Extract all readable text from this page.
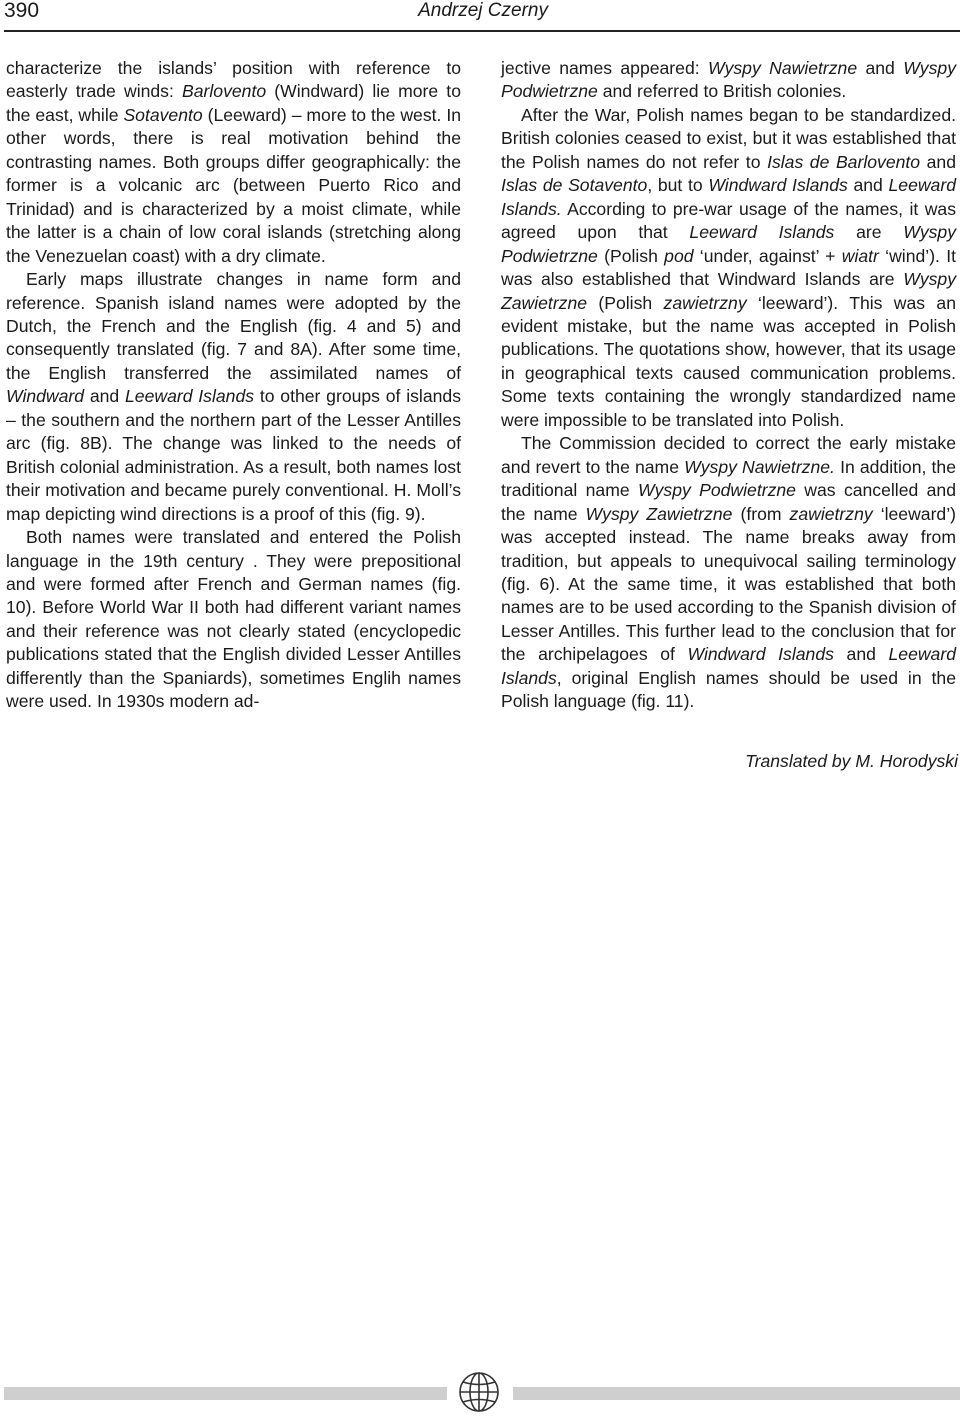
390	Andrzej Czerny

characterize the islands’ position with reference to easterly trade winds: Barlovento (Windward) lie more to the east, while Sotavento (Leeward) – more to the west. In other words, there is real motivation behind the contrasting names. Both groups differ geographically: the former is a volcanic arc (between Puerto Rico and Trinidad) and is characterized by a moist climate, while the latter is a chain of low coral islands (stretching along the Venezuelan coast) with a dry climate.

Early maps illustrate changes in name form and reference. Spanish island names were adopted by the Dutch, the French and the English (fig. 4 and 5) and consequently translated (fig. 7 and 8A). After some time, the English transferred the assimilated names of Windward and Leeward Islands to other groups of islands – the southern and the northern part of the Lesser Antilles arc (fig. 8B). The change was linked to the needs of British colonial administration. As a result, both names lost their motivation and became purely conventional. H. Moll’s map depicting wind directions is a proof of this (fig. 9).

Both names were translated and entered the Polish language in the 19th century . They were prepositional and were formed after French and German names (fig. 10). Before World War II both had different variant names and their reference was not clearly stated (encyclopedic publications stated that the English divided Lesser Antilles differently than the Spaniards), sometimes Englih names were used. In 1930s modern ad-

jective names appeared: Wyspy Nawietrzne and Wyspy Podwietrzne and referred to British colonies.

After the War, Polish names began to be standardized. British colonies ceased to exist, but it was established that the Polish names do not refer to Islas de Barlovento and Islas de Sotavento, but to Windward Islands and Leeward Islands. According to pre-war usage of the names, it was agreed upon that Leeward Islands are Wyspy Podwietrzne (Polish pod ‘under, against’ + wiatr ‘wind’). It was also established that Windward Islands are Wyspy Zawietrzne (Polish zawietrzny ‘leeward’). This was an evident mistake, but the name was accepted in Polish publications. The quotations show, however, that its usage in geographical texts caused communication problems. Some texts containing the wrongly standardized name were impossible to be translated into Polish.

The Commission decided to correct the early mistake and revert to the name Wyspy Nawietrzne. In addition, the traditional name Wyspy Podwietrzne was cancelled and the name Wyspy Zawietrzne (from zawietrzny ‘leeward’) was accepted instead. The name breaks away from tradition, but appeals to unequivocal sailing terminology (fig. 6). At the same time, it was established that both names are to be used according to the Spanish division of Lesser Antilles. This further lead to the conclusion that for the archipelagoes of Windward Islands and Leeward Islands, original English names should be used in the Polish language (fig. 11).

Translated by M. Horodyski
